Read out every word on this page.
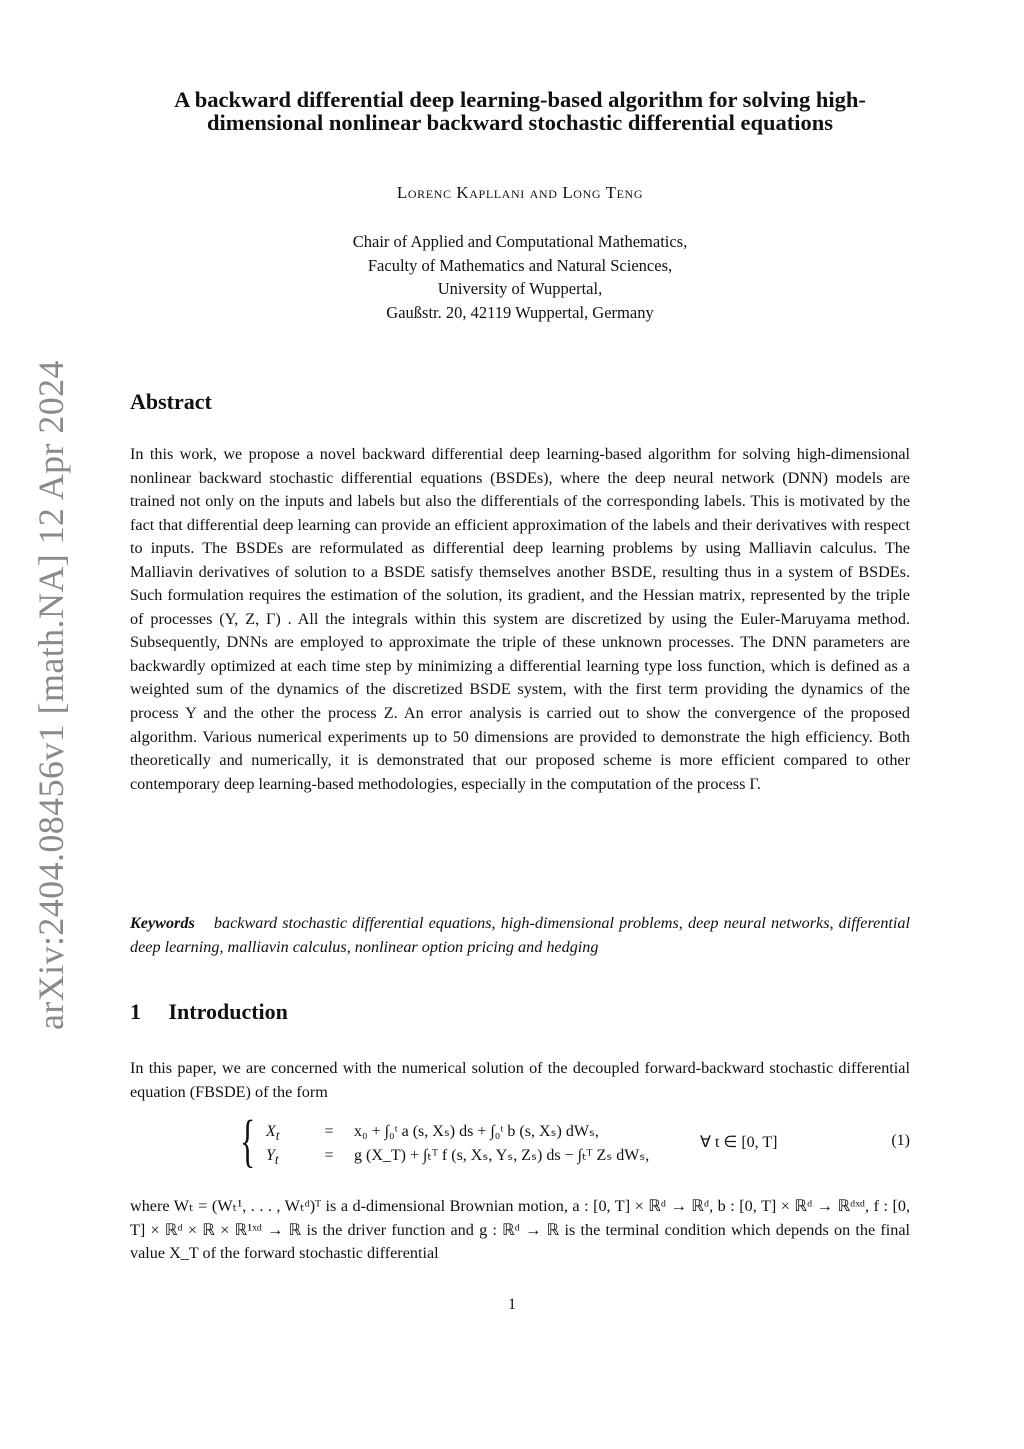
arXiv:2404.08456v1 [math.NA] 12 Apr 2024
A backward differential deep learning-based algorithm for solving high-dimensional nonlinear backward stochastic differential equations
Lorenc Kapllani and Long Teng
Chair of Applied and Computational Mathematics,
Faculty of Mathematics and Natural Sciences,
University of Wuppertal,
Gaußstr. 20, 42119 Wuppertal, Germany
Abstract

In this work, we propose a novel backward differential deep learning-based algorithm for solving high-dimensional nonlinear backward stochastic differential equations (BSDEs), where the deep neural network (DNN) models are trained not only on the inputs and labels but also the differentials of the corresponding labels. This is motivated by the fact that differential deep learning can provide an efficient approximation of the labels and their derivatives with respect to inputs. The BSDEs are reformulated as differential deep learning problems by using Malliavin calculus. The Malliavin derivatives of solution to a BSDE satisfy themselves another BSDE, resulting thus in a system of BSDEs. Such formulation requires the estimation of the solution, its gradient, and the Hessian matrix, represented by the triple of processes (Y, Z, Γ) . All the integrals within this system are discretized by using the Euler-Maruyama method. Subsequently, DNNs are employed to approximate the triple of these unknown processes. The DNN parameters are backwardly optimized at each time step by minimizing a differential learning type loss function, which is defined as a weighted sum of the dynamics of the discretized BSDE system, with the first term providing the dynamics of the process Y and the other the process Z. An error analysis is carried out to show the convergence of the proposed algorithm. Various numerical experiments up to 50 dimensions are provided to demonstrate the high efficiency. Both theoretically and numerically, it is demonstrated that our proposed scheme is more efficient compared to other contemporary deep learning-based methodologies, especially in the computation of the process Γ.

Keywords backward stochastic differential equations, high-dimensional problems, deep neural networks, differential deep learning, malliavin calculus, nonlinear option pricing and hedging

1 Introduction

In this paper, we are concerned with the numerical solution of the decoupled forward-backward stochastic differential equation (FBSDE) of the form

{ $X_t$	= x₀ + ∫₀ᵗ a (s, Xₛ) ds + ∫₀ᵗ b (s, Xₛ) dWₛ,
$Y_t$	= g (X_T) + ∫ₜᵀ f (s, Xₛ, Yₛ, Zₛ) ds − ∫ₜᵀ Zₛ dWₛ,
∀ t ∈ [0, T]	(1)

where Wₜ = (Wₜ¹, . . . , Wₜᵈ)ᵀ is a d-dimensional Brownian motion, a : [0, T] × ℝᵈ → ℝᵈ, b : [0, T] × ℝᵈ → ℝᵈˣᵈ, f : [0, T] × ℝᵈ × ℝ × ℝ¹ˣᵈ → ℝ is the driver function and g : ℝᵈ → ℝ is the terminal condition which depends on the final value X_T of the forward stochastic differential

1
